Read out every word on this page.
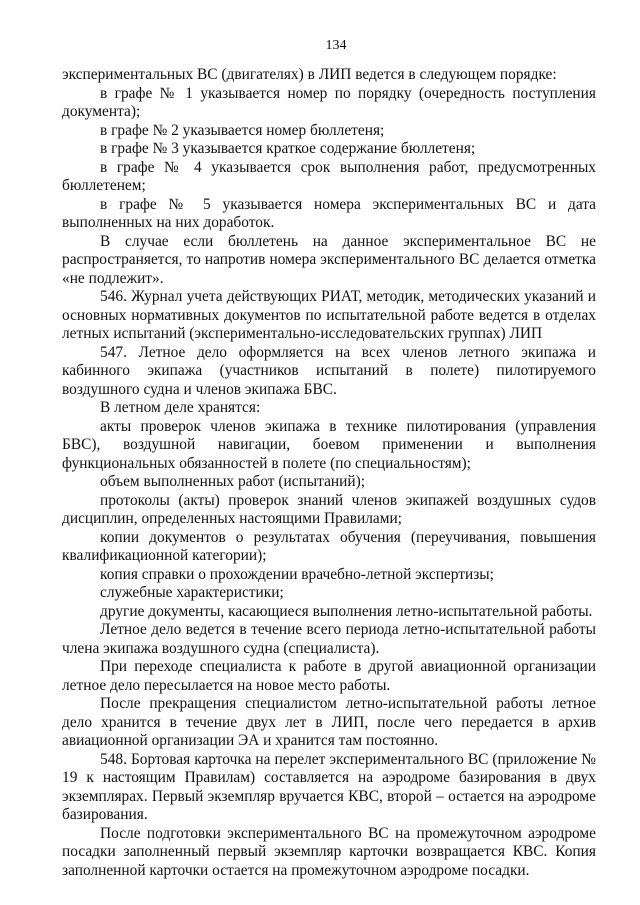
134

экспериментальных ВС (двигателях) в ЛИП ведется в следующем порядке:

в графе № 1 указывается номер по порядку (очередность поступления документа);

в графе № 2 указывается номер бюллетеня;

в графе № 3 указывается краткое содержание бюллетеня;

в графе № 4 указывается срок выполнения работ, предусмотренных бюллетенем;

в графе № 5 указывается номера экспериментальных ВС и дата выполненных на них доработок.

В случае если бюллетень на данное экспериментальное ВС не распространяется, то напротив номера экспериментального ВС делается отметка «не подлежит».

546. Журнал учета действующих РИАТ, методик, методических указаний и основных нормативных документов по испытательной работе ведется в отделах летных испытаний (экспериментально-исследовательских группах) ЛИП

547. Летное дело оформляется на всех членов летного экипажа и кабинного экипажа (участников испытаний в полете) пилотируемого воздушного судна и членов экипажа БВС.

В летном деле хранятся:

акты проверок членов экипажа в технике пилотирования (управления БВС), воздушной навигации, боевом применении и выполнения функциональных обязанностей в полете (по специальностям);

объем выполненных работ (испытаний);

протоколы (акты) проверок знаний членов экипажей воздушных судов дисциплин, определенных настоящими Правилами;

копии документов о результатах обучения (переучивания, повышения квалификационной категории);

копия справки о прохождении врачебно-летной экспертизы;

служебные характеристики;

другие документы, касающиеся выполнения летно-испытательной работы.

Летное дело ведется в течение всего периода летно-испытательной работы члена экипажа воздушного судна (специалиста).

При переходе специалиста к работе в другой авиационной организации летное дело пересылается на новое место работы.

После прекращения специалистом летно-испытательной работы летное дело хранится в течение двух лет в ЛИП, после чего передается в архив авиационной организации ЭА и хранится там постоянно.

548. Бортовая карточка на перелет экспериментального ВС (приложение № 19 к настоящим Правилам) составляется на аэродроме базирования в двух экземплярах. Первый экземпляр вручается КВС, второй – остается на аэродроме базирования.

После подготовки экспериментального ВС на промежуточном аэродроме посадки заполненный первый экземпляр карточки возвращается КВС. Копия заполненной карточки остается на промежуточном аэродроме посадки.
